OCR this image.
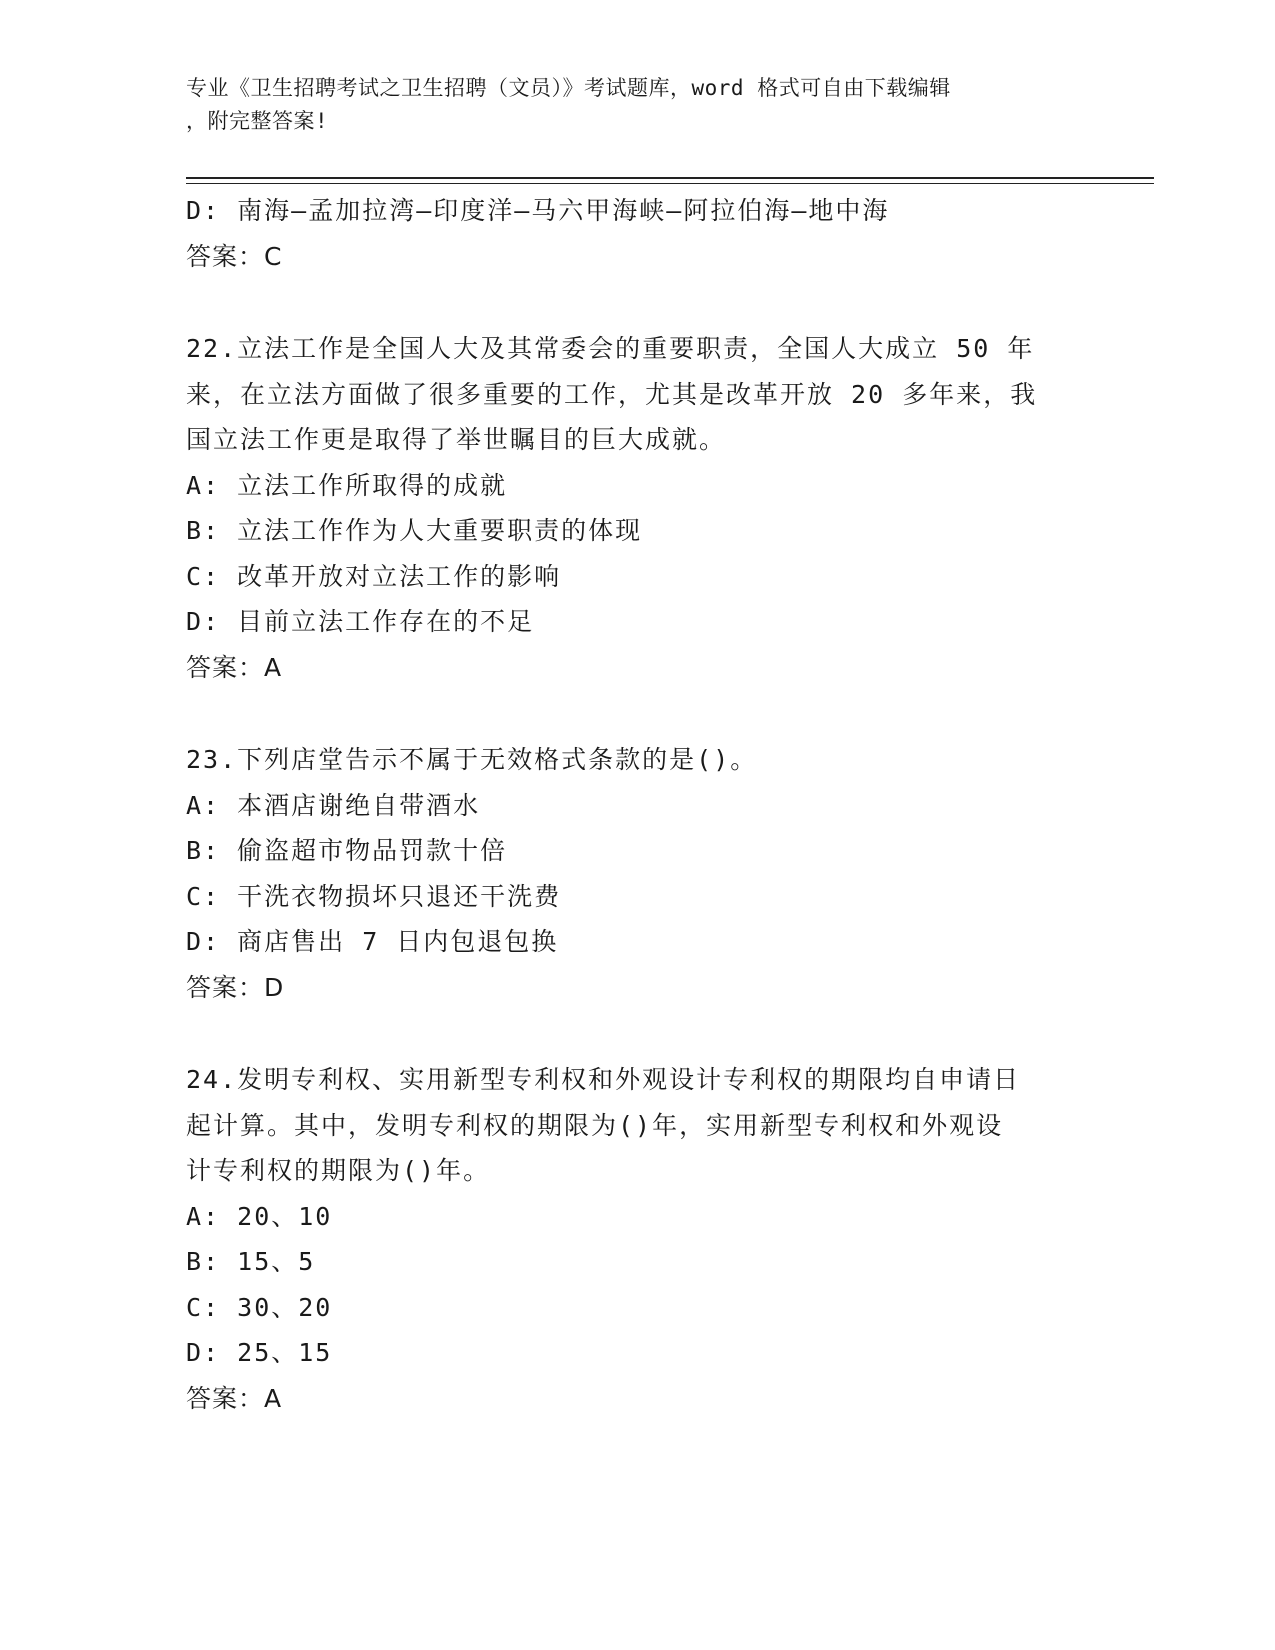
专业《卫生招聘考试之卫生招聘（文员）》考试题库，word 格式可自由下载编辑
，附完整答案!
D: 南海—孟加拉湾—印度洋—马六甲海峡—阿拉伯海—地中海
答案：C
22.立法工作是全国人大及其常委会的重要职责，全国人大成立 50 年
来，在立法方面做了很多重要的工作，尤其是改革开放 20 多年来，我
国立法工作更是取得了举世瞩目的巨大成就。
A: 立法工作所取得的成就
B: 立法工作作为人大重要职责的体现
C: 改革开放对立法工作的影响
D: 目前立法工作存在的不足
答案：A
23.下列店堂告示不属于无效格式条款的是()。
A: 本酒店谢绝自带酒水
B: 偷盗超市物品罚款十倍
C: 干洗衣物损坏只退还干洗费
D: 商店售出 7 日内包退包换
答案：D
24.发明专利权、实用新型专利权和外观设计专利权的期限均自申请日
起计算。其中，发明专利权的期限为()年，实用新型专利权和外观设
计专利权的期限为()年。
A: 20、10
B: 15、5
C: 30、20
D: 25、15
答案：A
